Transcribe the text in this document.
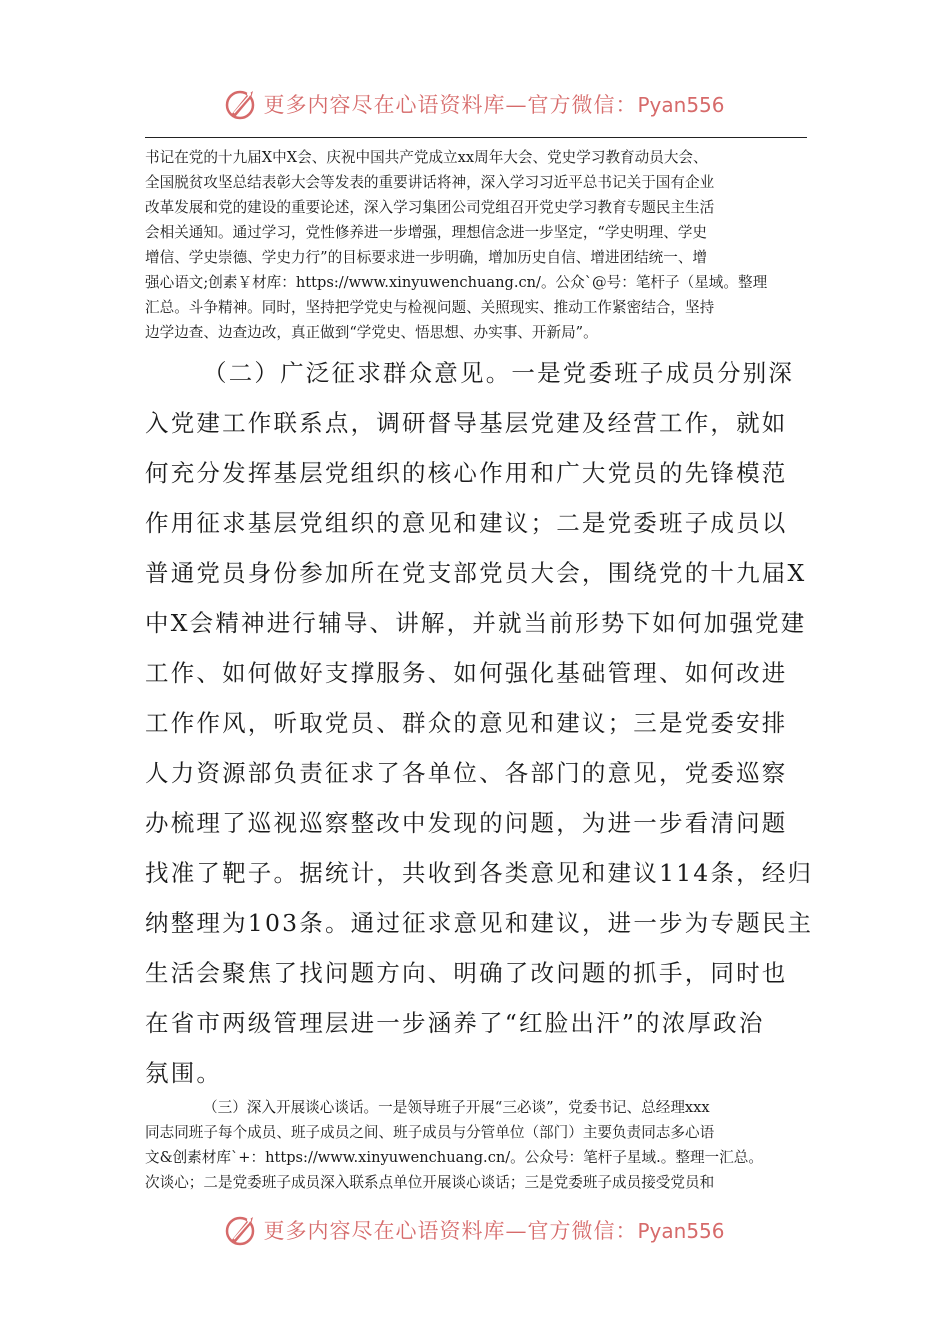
更多内容尽在心语资料库—官方微信：Pyan556
书记在党的十九届X中X会、庆祝中国共产党成立xx周年大会、党史学习教育动员大会、
全国脱贫攻坚总结表彰大会等发表的重要讲话将神，深入学习习近平总书记关于国有企业
改革发展和党的建设的重要论述，深入学习集团公司党组召开党史学习教育专题民主生活
会相关通知。通过学习，党性修养进一步增强，理想信念进一步坚定，“学史明理、学史
增信、学史崇德、学史力行”的目标要求进一步明确，增加历史自信、增进团结统一、增
强心语文;创素￥材库：https://www.xinyuwenchuang.cn/。公众`@号：笔杆子（星域。整理
汇总。斗争精神。同时，坚持把学党史与检视问题、关照现实、推动工作紧密结合，坚持
边学边查、边查边改，真正做到“学党史、悟思想、办实事、开新局”。
（二）广泛征求群众意见。一是党委班子成员分别深
入党建工作联系点，调研督导基层党建及经营工作，就如
何充分发挥基层党组织的核心作用和广大党员的先锋模范
作用征求基层党组织的意见和建议；二是党委班子成员以
普通党员身份参加所在党支部党员大会，围绕党的十九届X
中X会精神进行辅导、讲解，并就当前形势下如何加强党建
工作、如何做好支撑服务、如何强化基础管理、如何改进
工作作风，听取党员、群众的意见和建议；三是党委安排
人力资源部负责征求了各单位、各部门的意见，党委巡察
办梳理了巡视巡察整改中发现的问题，为进一步看清问题
找准了靶子。据统计，共收到各类意见和建议114条，经归
纳整理为103条。通过征求意见和建议，进一步为专题民主
生活会聚焦了找问题方向、明确了改问题的抓手，同时也
在省市两级管理层进一步涵养了“红脸出汗”的浓厚政治
氛围。
（三）深入开展谈心谈话。一是领导班子开展“三必谈”，党委书记、总经理xxx
同志同班子每个成员、班子成员之间、班子成员与分管单位（部门）主要负责同志多心语
文&创素材库`+：https://www.xinyuwenchuang.cn/。公众号：笔杆子星域.。整理一汇总。
次谈心；二是党委班子成员深入联系点单位开展谈心谈话；三是党委班子成员接受党员和
更多内容尽在心语资料库—官方微信：Pyan556
